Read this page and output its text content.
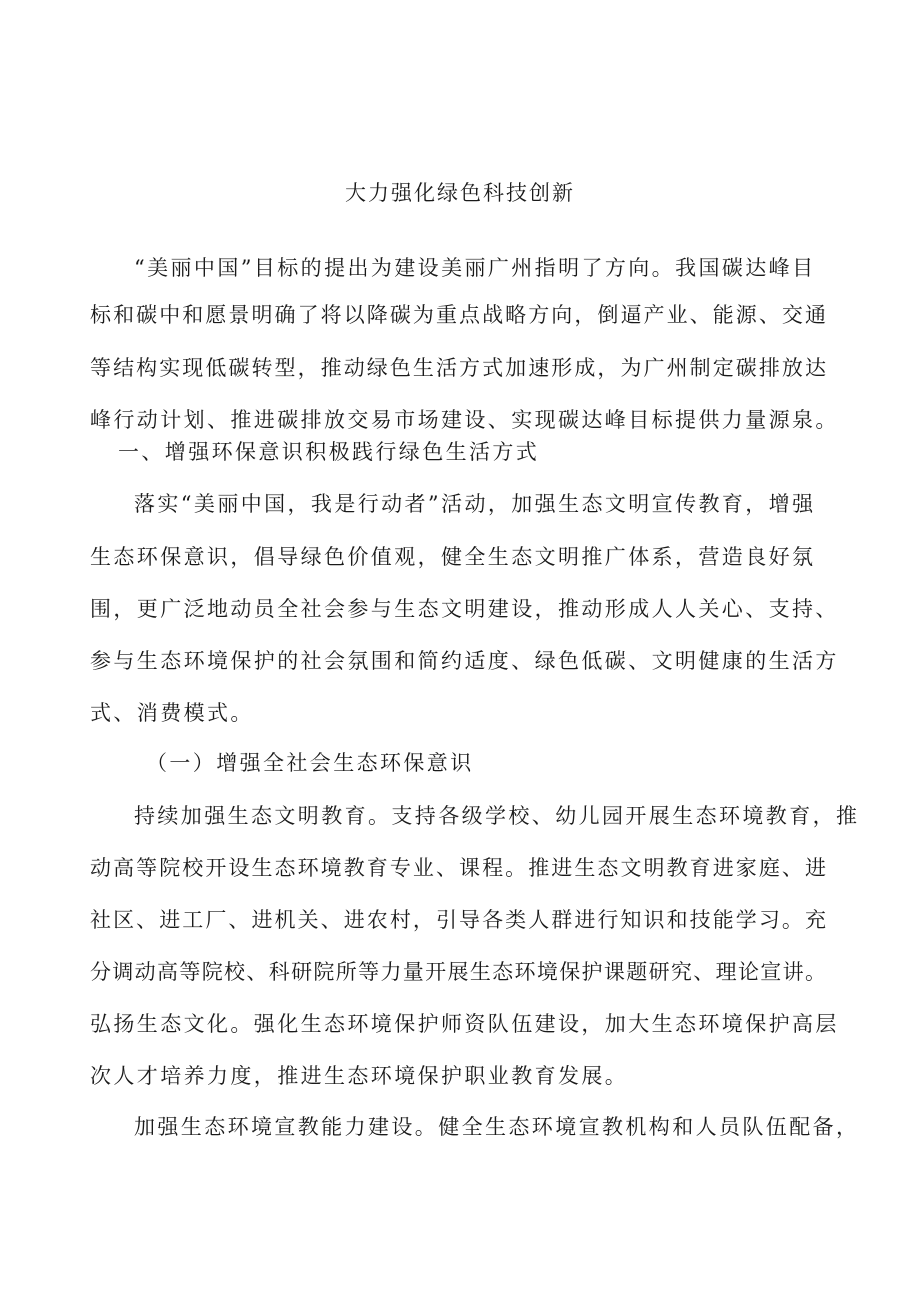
大力强化绿色科技创新
“美丽中国”目标的提出为建设美丽广州指明了方向。我国碳达峰目
标和碳中和愿景明确了将以降碳为重点战略方向，倒逼产业、能源、交通
等结构实现低碳转型，推动绿色生活方式加速形成，为广州制定碳排放达
峰行动计划、推进碳排放交易市场建设、实现碳达峰目标提供力量源泉。
一、增强环保意识积极践行绿色生活方式
落实“美丽中国，我是行动者”活动，加强生态文明宣传教育，增强
生态环保意识，倡导绿色价值观，健全生态文明推广体系，营造良好氛
围，更广泛地动员全社会参与生态文明建设，推动形成人人关心、支持、
参与生态环境保护的社会氛围和简约适度、绿色低碳、文明健康的生活方
式、消费模式。
（一）增强全社会生态环保意识
持续加强生态文明教育。支持各级学校、幼儿园开展生态环境教育，推
动高等院校开设生态环境教育专业、课程。推进生态文明教育进家庭、进
社区、进工厂、进机关、进农村，引导各类人群进行知识和技能学习。充
分调动高等院校、科研院所等力量开展生态环境保护课题研究、理论宣讲。
弘扬生态文化。强化生态环境保护师资队伍建设，加大生态环境保护高层
次人才培养力度，推进生态环境保护职业教育发展。
加强生态环境宣教能力建设。健全生态环境宣教机构和人员队伍配备，
